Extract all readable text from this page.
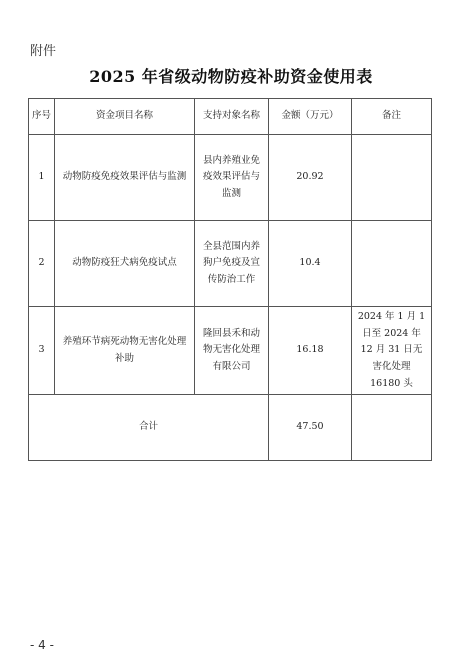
附件
2025 年省级动物防疫补助资金使用表
序号	资金项目名称	支持对象名称	金额（万元）	备注
1	动物防疫免疫效果评估与监测	县内养殖业免疫效果评估与监测	20.92	
2	动物防疫狂犬病免疫试点	全县范围内养狗户免疫及宣传防治工作	10.4	
3	养殖环节病死动物无害化处理补助	隆回县禾和动物无害化处理有限公司	16.18	2024 年 1 月 1 日至 2024 年 12 月 31 日无害化处理 16180 头
合计			47.50	
- 4 -
